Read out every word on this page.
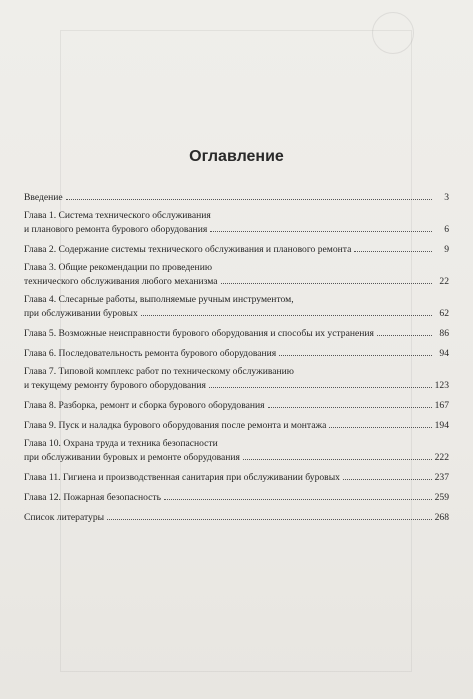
Оглавление
Введение	3
Глава 1. Система технического обслуживания
и планового ремонта бурового оборудования	6
Глава 2. Содержание системы технического обслуживания и планового ремонта	9
Глава 3. Общие рекомендации по проведению
технического обслуживания любого механизма	22
Глава 4. Слесарные работы, выполняемые ручным инструментом,
при обслуживании буровых	62
Глава 5. Возможные неисправности бурового оборудования и способы их устранения	86
Глава 6. Последовательность ремонта бурового оборудования	94
Глава 7. Типовой комплекс работ по техническому обслуживанию
и текущему ремонту бурового оборудования	123
Глава 8. Разборка, ремонт и сборка бурового оборудования	167
Глава 9. Пуск и наладка бурового оборудования после ремонта и монтажа	194
Глава 10. Охрана труда и техника безопасности
при обслуживании буровых и ремонте оборудования	222
Глава 11. Гигиена и производственная санитария при обслуживании буровых	237
Глава 12. Пожарная безопасность	259
Список литературы	268
